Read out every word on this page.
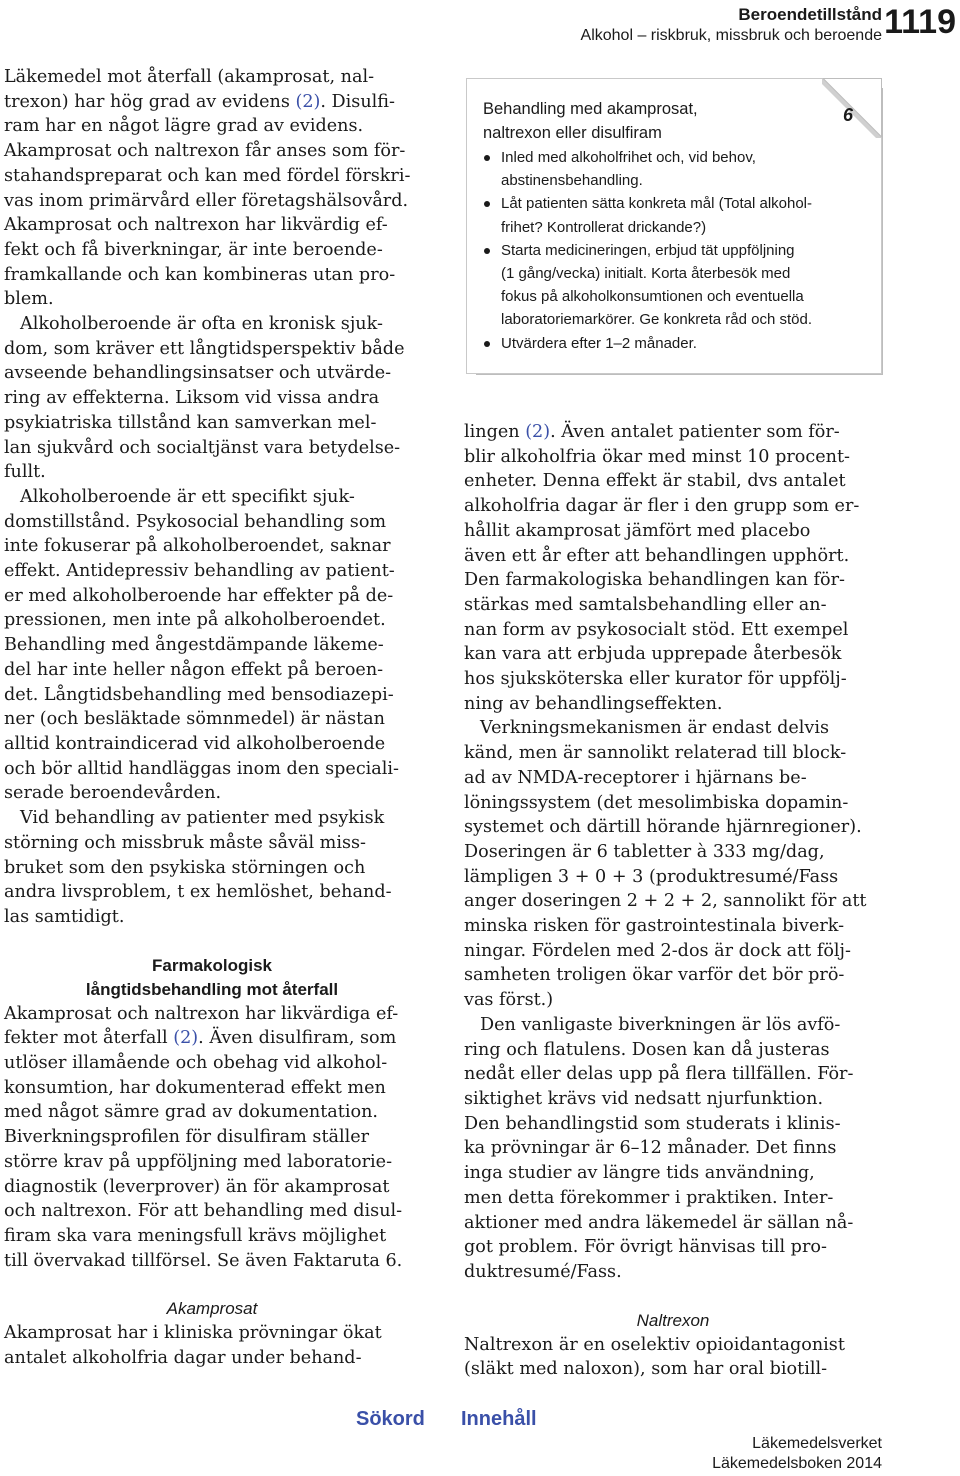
Beroendetillstånd
Alkohol – riskbruk, missbruk och beroende 1119

Läkemedel mot återfall (akamprosat, nal-
trexon) har hög grad av evidens (2). Disulfi-
ram har en något lägre grad av evidens.
Akamprosat och naltrexon får anses som för-
stahandspreparat och kan med fördel förskri-
vas inom primärvård eller företagshälsovård.
Akamprosat och naltrexon har likvärdig ef-
fekt och få biverkningar, är inte beroende-
framkallande och kan kombineras utan pro-
blem.

Alkoholberoende är ofta en kronisk sjuk-
dom, som kräver ett långtidsperspektiv både
avseende behandlingsinsatser och utvärde-
ring av effekterna. Liksom vid vissa andra
psykiatriska tillstånd kan samverkan mel-
lan sjukvård och socialtjänst vara betydelse-
fullt.

Alkoholberoende är ett specifikt sjuk-
domstillstånd. Psykosocial behandling som
inte fokuserar på alkoholberoendet, saknar
effekt. Antidepressiv behandling av patient-
er med alkoholberoende har effekter på de-
pressionen, men inte på alkoholberoendet.
Behandling med ångestdämpande läkeme-
del har inte heller någon effekt på beroen-
det. Långtidsbehandling med bensodiazepi-
ner (och besläktade sömnmedel) är nästan
alltid kontraindicerad vid alkoholberoende
och bör alltid handläggas inom den speciali-
serade beroendevården.

Vid behandling av patienter med psykisk
störning och missbruk måste såväl miss-
bruket som den psykiska störningen och
andra livsproblem, t ex hemlöshet, behand-
las samtidigt.

Farmakologisk
långtidsbehandling mot återfall

Akamprosat och naltrexon har likvärdiga ef-
fekter mot återfall (2). Även disulfiram, som
utlöser illamående och obehag vid alkohol-
konsumtion, har dokumenterad effekt men
med något sämre grad av dokumentation.
Biverkningsprofilen för disulfiram ställer
större krav på uppföljning med laboratorie-
diagnostik (leverprover) än för akamprosat
och naltrexon. För att behandling med disul-
firam ska vara meningsfull krävs möjlighet
till övervakad tillförsel. Se även Faktaruta 6.

Akamprosat

Akamprosat har i kliniska prövningar ökat
antalet alkoholfria dagar under behand-

6
Behandling med akamprosat,
naltrexon eller disulfiram
Inled med alkoholfrihet och, vid behov,
abstinensbehandling.
Låt patienten sätta konkreta mål (Total alkohol-
frihet? Kontrollerat drickande?)
Starta medicineringen, erbjud tät uppföljning
(1 gång/vecka) initialt. Korta återbesök med
fokus på alkoholkonsumtionen och eventuella
laboratoriemarkörer. Ge konkreta råd och stöd.
Utvärdera efter 1–2 månader.

lingen (2). Även antalet patienter som för-
blir alkoholfria ökar med minst 10 procent-
enheter. Denna effekt är stabil, dvs antalet
alkoholfria dagar är fler i den grupp som er-
hållit akamprosat jämfört med placebo
även ett år efter att behandlingen upphört.
Den farmakologiska behandlingen kan för-
stärkas med samtalsbehandling eller an-
nan form av psykosocialt stöd. Ett exempel
kan vara att erbjuda upprepade återbesök
hos sjuksköterska eller kurator för uppfölj-
ning av behandlingseffekten.

Verkningsmekanismen är endast delvis
känd, men är sannolikt relaterad till block-
ad av NMDA-receptorer i hjärnans be-
löningssystem (det mesolimbiska dopamin-
systemet och därtill hörande hjärnregioner).
Doseringen är 6 tabletter à 333 mg/dag,
lämpligen 3 + 0 + 3 (produktresumé/Fass
anger doseringen 2 + 2 + 2, sannolikt för att
minska risken för gastrointestinala biverk-
ningar. Fördelen med 2-dos är dock att följ-
samheten troligen ökar varför det bör prö-
vas först.)

Den vanligaste biverkningen är lös avfö-
ring och flatulens. Dosen kan då justeras
nedåt eller delas upp på flera tillfällen. För-
siktighet krävs vid nedsatt njurfunktion.
Den behandlingstid som studerats i klinis-
ka prövningar är 6–12 månader. Det finns
inga studier av längre tids användning,
men detta förekommer i praktiken. Inter-
aktioner med andra läkemedel är sällan nå-
got problem. För övrigt hänvisas till pro-
duktresumé/Fass.

Naltrexon

Naltrexon är en oselektiv opioidantagonist
(släkt med naloxon), som har oral biotill-

Sökord Innehåll
Läkemedelsverket
Läkemedelsboken 2014
